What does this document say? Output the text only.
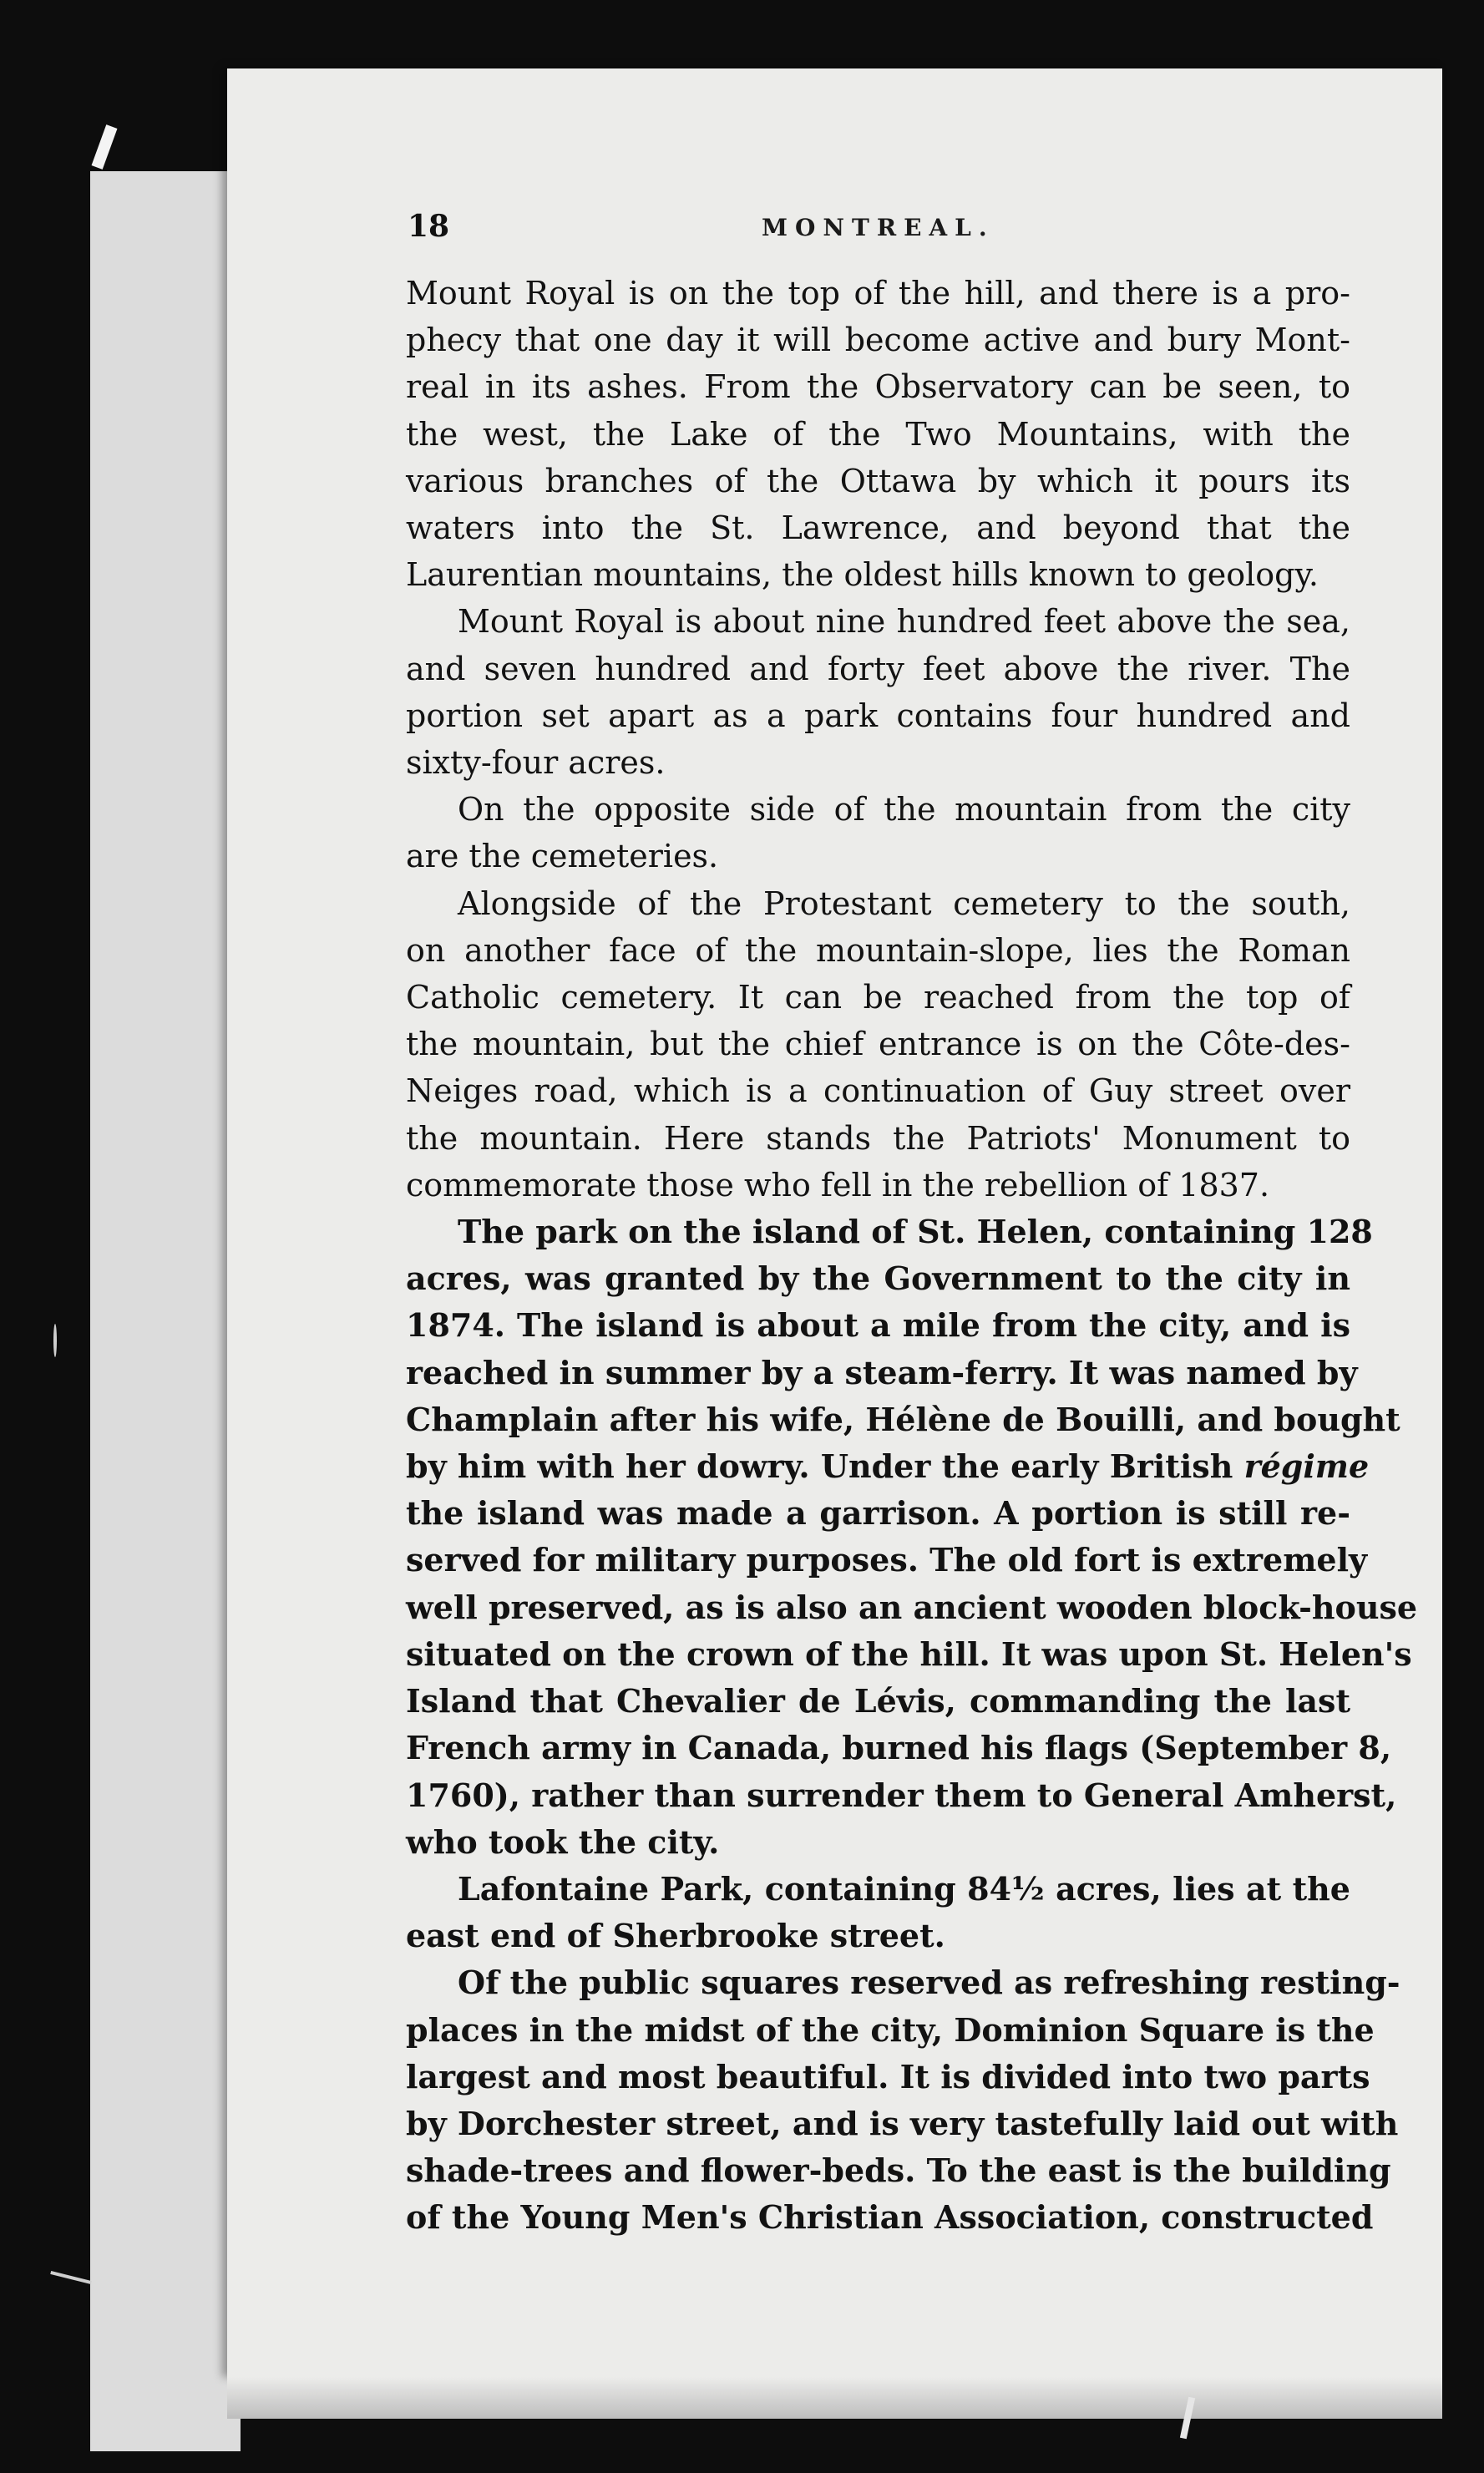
18	MONTREAL.
Mount Royal is on the top of the hill, and there is a pro-
phecy that one day it will become active and bury Mont-
real in its ashes. From the Observatory can be seen, to
the west, the Lake of the Two Mountains, with the
various branches of the Ottawa by which it pours its
waters into the St. Lawrence, and beyond that the
Laurentian mountains, the oldest hills known to geology.
Mount Royal is about nine hundred feet above the sea,
and seven hundred and forty feet above the river. The
portion set apart as a park contains four hundred and
sixty-four acres.
On the opposite side of the mountain from the city
are the cemeteries.
Alongside of the Protestant cemetery to the south,
on another face of the mountain-slope, lies the Roman
Catholic cemetery. It can be reached from the top of
the mountain, but the chief entrance is on the Côte-des-
Neiges road, which is a continuation of Guy street over
the mountain. Here stands the Patriots' Monument to
commemorate those who fell in the rebellion of 1837.
The park on the island of St. Helen, containing 128
acres, was granted by the Government to the city in
1874. The island is about a mile from the city, and is
reached in summer by a steam-ferry. It was named by
Champlain after his wife, Hélène de Bouilli, and bought
by him with her dowry. Under the early British régime
the island was made a garrison. A portion is still re-
served for military purposes. The old fort is extremely
well preserved, as is also an ancient wooden block-house
situated on the crown of the hill. It was upon St. Helen's
Island that Chevalier de Lévis, commanding the last
French army in Canada, burned his flags (September 8,
1760), rather than surrender them to General Amherst,
who took the city.
Lafontaine Park, containing 84½ acres, lies at the
east end of Sherbrooke street.
Of the public squares reserved as refreshing resting-
places in the midst of the city, Dominion Square is the
largest and most beautiful. It is divided into two parts
by Dorchester street, and is very tastefully laid out with
shade-trees and flower-beds. To the east is the building
of the Young Men's Christian Association, constructed
